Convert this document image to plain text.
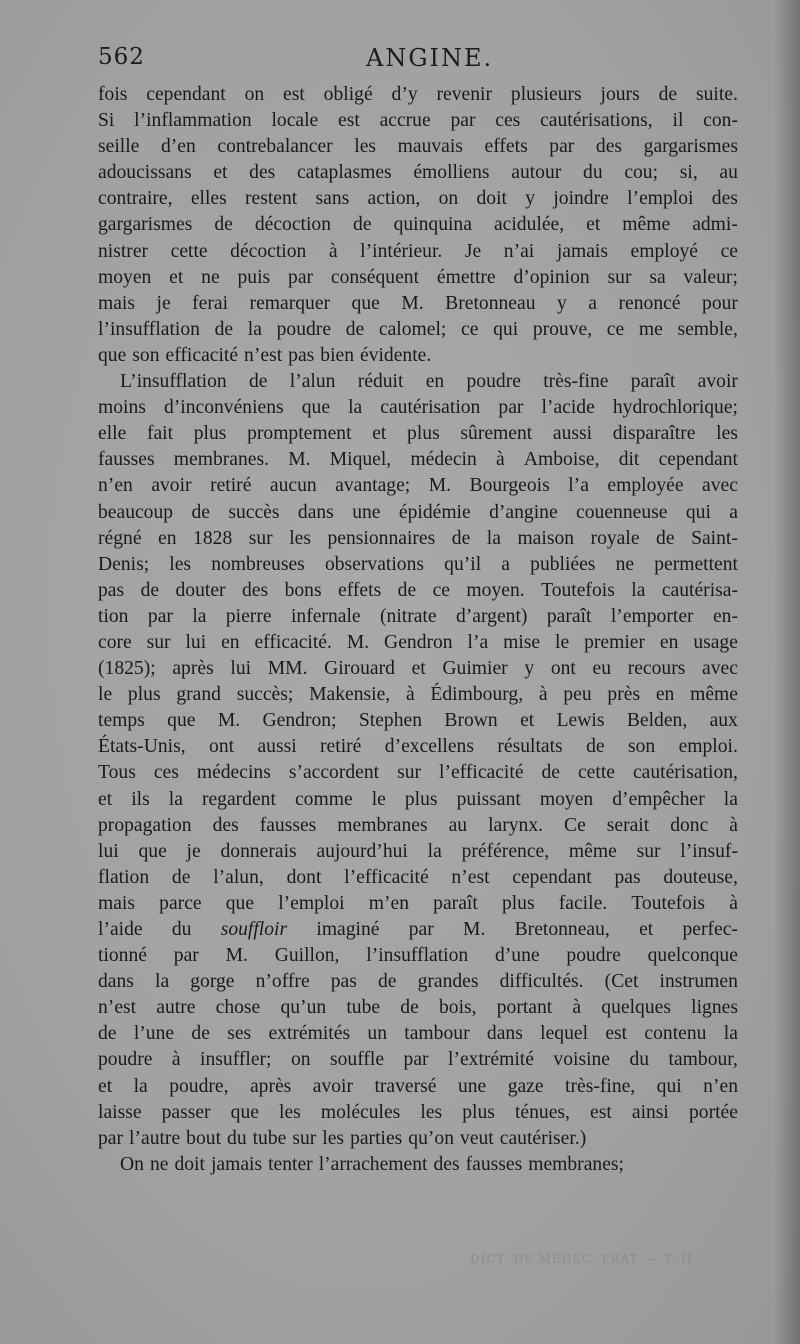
562	ANGINE.
fois cependant on est obligé d’y revenir plusieurs jours de suite.
Si l’inflammation locale est accrue par ces cautérisations, il con-
seille d’en contrebalancer les mauvais effets par des gargarismes
adoucissans et des cataplasmes émolliens autour du cou; si, au
contraire, elles restent sans action, on doit y joindre l’emploi des
gargarismes de décoction de quinquina acidulée, et même admi-
nistrer cette décoction à l’intérieur. Je n’ai jamais employé ce
moyen et ne puis par conséquent émettre d’opinion sur sa valeur;
mais je ferai remarquer que M. Bretonneau y a renoncé pour
l’insufflation de la poudre de calomel; ce qui prouve, ce me semble,
que son efficacité n’est pas bien évidente.
L’insufflation de l’alun réduit en poudre très-fine paraît avoir
moins d’inconvéniens que la cautérisation par l’acide hydrochlorique;
elle fait plus promptement et plus sûrement aussi disparaître les
fausses membranes. M. Miquel, médecin à Amboise, dit cependant
n’en avoir retiré aucun avantage; M. Bourgeois l’a employée avec
beaucoup de succès dans une épidémie d’angine couenneuse qui a
régné en 1828 sur les pensionnaires de la maison royale de Saint-
Denis; les nombreuses observations qu’il a publiées ne permettent
pas de douter des bons effets de ce moyen. Toutefois la cautérisa-
tion par la pierre infernale (nitrate d’argent) paraît l’emporter en-
core sur lui en efficacité. M. Gendron l’a mise le premier en usage
(1825); après lui MM. Girouard et Guimier y ont eu recours avec
le plus grand succès; Makensie, à Édimbourg, à peu près en même
temps que M. Gendron; Stephen Brown et Lewis Belden, aux
États-Unis, ont aussi retiré d’excellens résultats de son emploi.
Tous ces médecins s’accordent sur l’efficacité de cette cautérisation,
et ils la regardent comme le plus puissant moyen d’empêcher la
propagation des fausses membranes au larynx. Ce serait donc à
lui que je donnerais aujourd’hui la préférence, même sur l’insuf-
flation de l’alun, dont l’efficacité n’est cependant pas douteuse,
mais parce que l’emploi m’en paraît plus facile. Toutefois à
l’aide du soufflоir imaginé par M. Bretonneau, et perfec-
tionné par M. Guillon, l’insufflation d’une poudre quelconque
dans la gorge n’offre pas de grandes difficultés. (Cet instrumen
n’est autre chose qu’un tube de bois, portant à quelques lignes
de l’une de ses extrémités un tambour dans lequel est contenu la
poudre à insuffler; on souffle par l’extrémité voisine du tambour,
et la poudre, après avoir traversé une gaze très-fine, qui n’en
laisse passer que les molécules les plus ténues, est ainsi portée
par l’autre bout du tube sur les parties qu’on veut cautériser.)
On ne doit jamais tenter l’arrachement des fausses membranes;
DICT. DE MÉDEC. PRAT. — T. II.
